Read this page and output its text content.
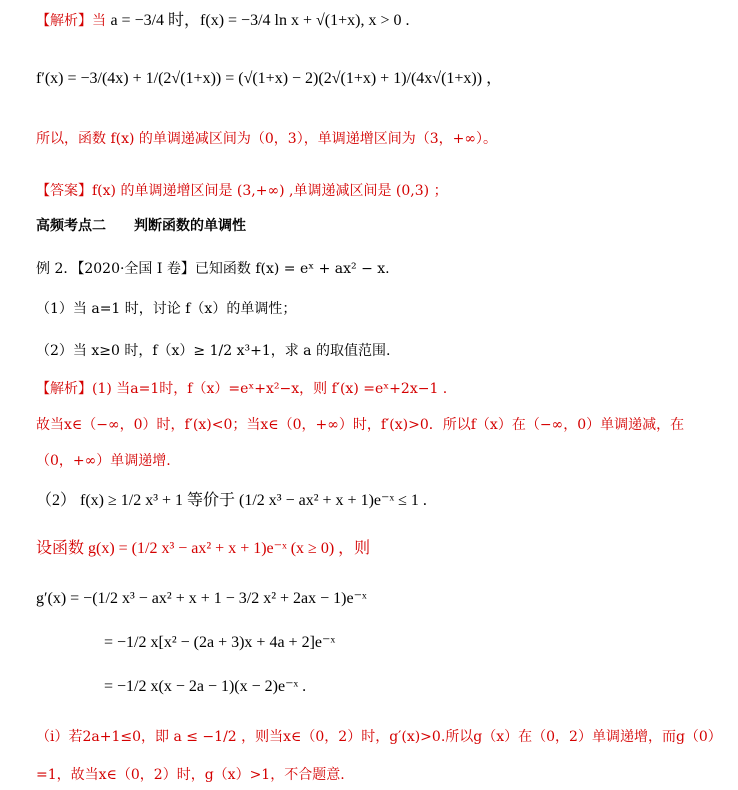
【解析】当 a = −3/4 时，f(x) = −3/4 ln x + √(1+x), x > 0 .
f′(x) = −3/(4x) + 1/(2√(1+x)) = (√(1+x) − 2)(2√(1+x) + 1)/(4x√(1+x)) ，
所以，函数 f(x) 的单调递减区间为（0，3），单调递增区间为（3，+∞）。
【答案】f(x) 的单调递增区间是 (3,+∞) ,单调递减区间是 (0,3) ；
高频考点二　　判断函数的单调性
例 2．【2020·全国 I 卷】已知函数 f(x) = eˣ + ax² − x.
（1）当 a=1 时，讨论 f（x）的单调性；
（2）当 x≥0 时，f（x）≥ 1/2 x³+1，求 a 的取值范围.
【解析】(1) 当a=1时，f（x）=eˣ+x²−x，则 f′(x) =eˣ+2x−1 .
故当x∈（−∞，0）时，f′(x)<0；当x∈（0，+∞）时，f′(x)>0．所以f（x）在（−∞，0）单调递减，在
（0，+∞）单调递增.
（2） f(x) ≥ 1/2 x³ + 1 等价于 (1/2 x³ − ax² + x + 1)e⁻ˣ ≤ 1 .
设函数 g(x) = (1/2 x³ − ax² + x + 1)e⁻ˣ (x ≥ 0) ，则
g′(x) = −(1/2 x³ − ax² + x + 1 − 3/2 x² + 2ax − 1)e⁻ˣ
= −1/2 x[x² − (2a + 3)x + 4a + 2]e⁻ˣ
= −1/2 x(x − 2a − 1)(x − 2)e⁻ˣ .
（i）若2a+1≤0，即 a ≤ −1/2 ，则当x∈（0，2）时，g′(x)>0.所以g（x）在（0，2）单调递增，而g（0）
=1，故当x∈（0，2）时，g（x）>1，不合题意.
